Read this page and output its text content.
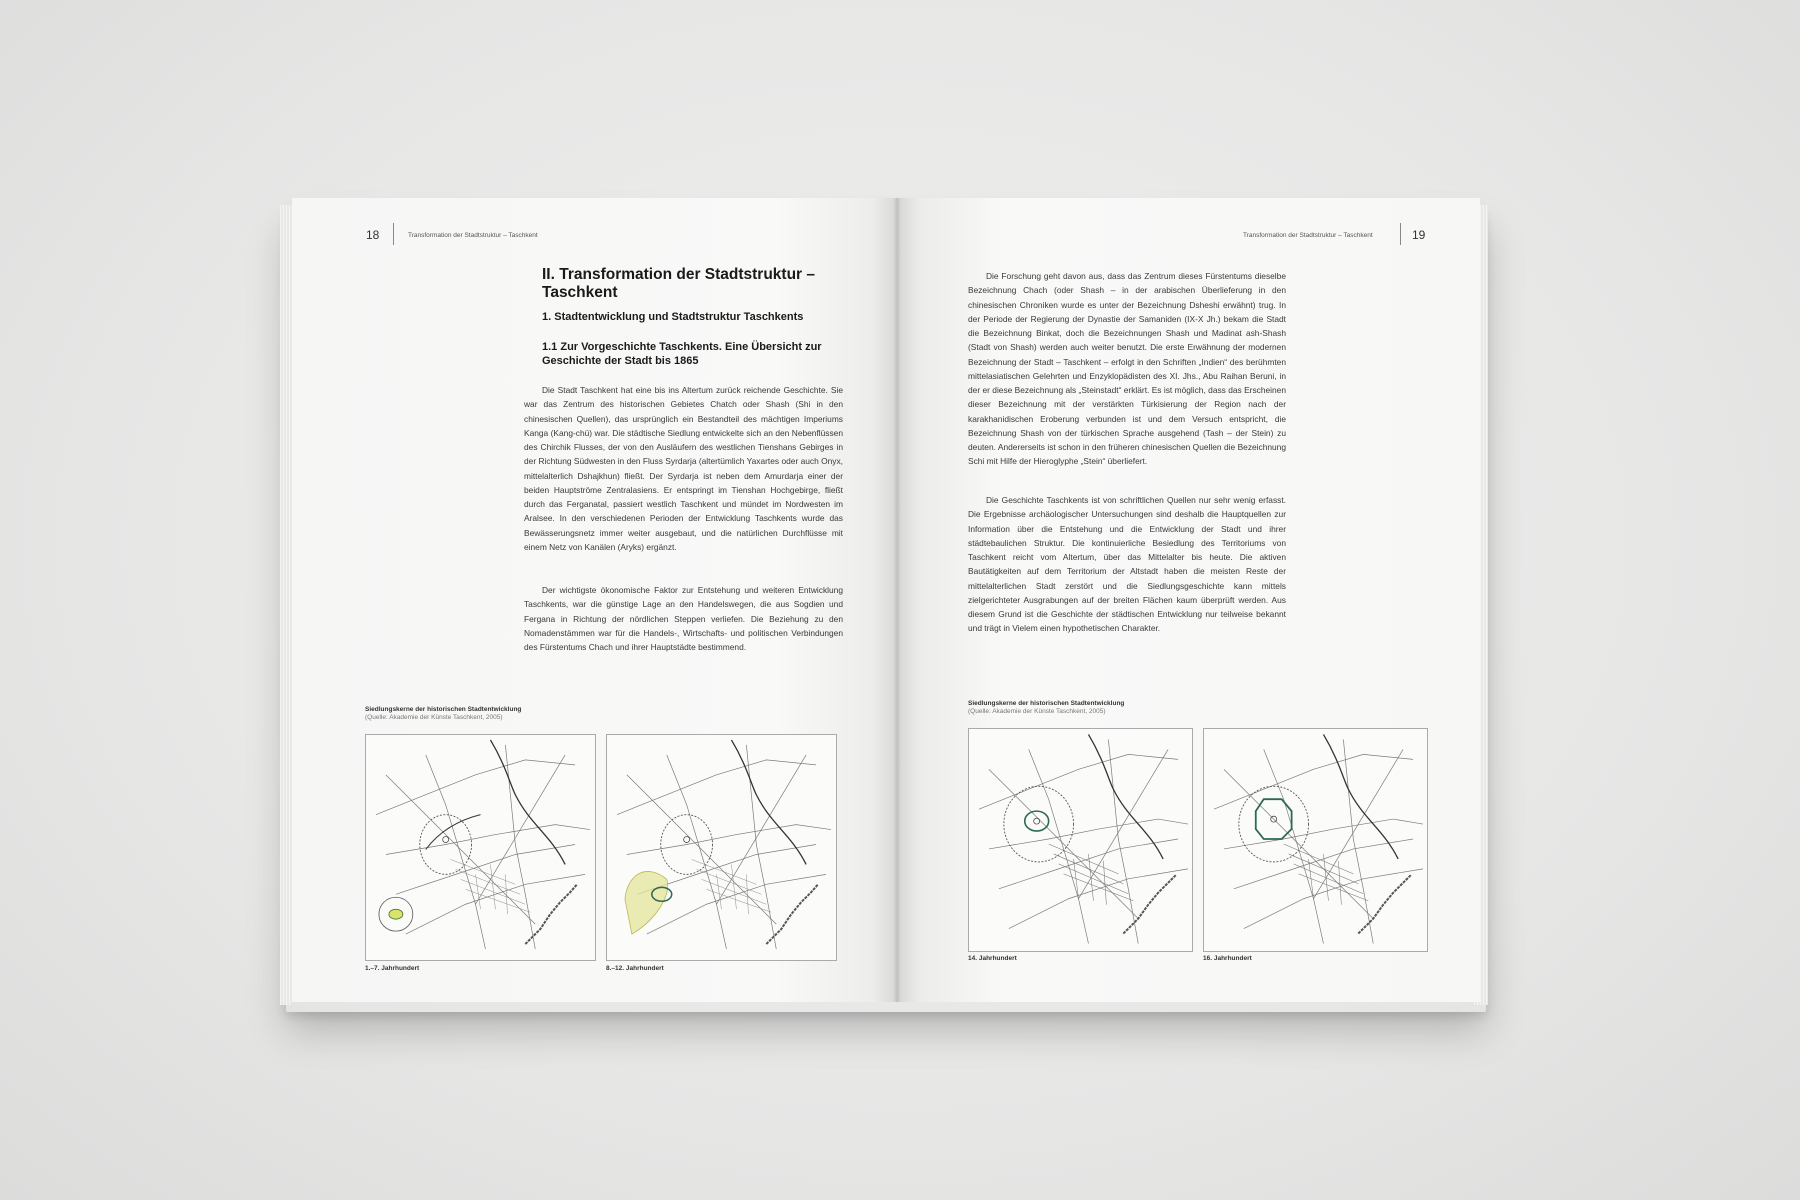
18	Transformation der Stadtstruktur – Taschkent
II. Transformation der Stadtstruktur – Taschkent
1. Stadtentwicklung und Stadtstruktur Taschkents
1.1 Zur Vorgeschichte Taschkents. Eine Übersicht zur Geschichte der Stadt bis 1865
Die Stadt Taschkent hat eine bis ins Altertum zurück reichende Geschichte. Sie war das Zentrum des historischen Gebietes Chatch oder Shash (Shi in den chinesischen Quellen), das ursprünglich ein Bestandteil des mächtigen Imperiums Kanga (Kang-chü) war. Die städtische Siedlung entwickelte sich an den Nebenflüssen des Chirchik Flusses, der von den Ausläufern des westlichen Tienshans Gebirges in der Richtung Südwesten in den Fluss Syrdarja (altertümlich Yaxartes oder auch Onyx, mittelalterlich Dshajkhun) fließt. Der Syrdarja ist neben dem Amurdarja einer der beiden Hauptströme Zentralasiens. Er entspringt im Tienshan Hochgebirge, fließt durch das Ferganatal, passiert westlich Taschkent und mündet im Nordwesten im Aralsee. In den verschiedenen Perioden der Entwicklung Taschkents wurde das Bewässerungsnetz immer weiter ausgebaut, und die natürlichen Durchflüsse mit einem Netz von Kanälen (Aryks) ergänzt.
Der wichtigste ökonomische Faktor zur Entstehung und weiteren Entwicklung Taschkents, war die günstige Lage an den Handelswegen, die aus Sogdien und Fergana in Richtung der nördlichen Steppen verliefen. Die Beziehung zu den Nomadenstämmen war für die Handels-, Wirtschafts- und politischen Verbindungen des Fürstentums Chach und ihrer Hauptstädte bestimmend.
Siedlungskerne der historischen Stadtentwicklung
(Quelle: Akademie der Künste Taschkent, 2005)
1.–7. Jahrhundert	8.–12. Jahrhundert
Transformation der Stadtstruktur – Taschkent	19
Die Forschung geht davon aus, dass das Zentrum dieses Fürstentums dieselbe Bezeichnung Chach (oder Shash – in der arabischen Überlieferung in den chinesischen Chroniken wurde es unter der Bezeichnung Dsheshi erwähnt) trug. In der Periode der Regierung der Dynastie der Samaniden (IX-X Jh.) bekam die Stadt die Bezeichnung Binkat, doch die Bezeichnungen Shash und Madinat ash-Shash (Stadt von Shash) werden auch weiter benutzt. Die erste Erwähnung der modernen Bezeichnung der Stadt – Taschkent – erfolgt in den Schriften „Indien“ des berühmten mittelasiatischen Gelehrten und Enzyklopädisten des XI. Jhs., Abu Raihan Beruni, in der er diese Bezeichnung als „Steinstadt“ erklärt. Es ist möglich, dass das Erscheinen dieser Bezeichnung mit der verstärkten Türkisierung der Region nach der karakhanidischen Eroberung verbunden ist und dem Versuch entspricht, die Bezeichnung Shash von der türkischen Sprache ausgehend (Tash – der Stein) zu deuten. Andererseits ist schon in den früheren chinesischen Quellen die Bezeichnung Schi mit Hilfe der Hieroglyphe „Stein“ überliefert.
Die Geschichte Taschkents ist von schriftlichen Quellen nur sehr wenig erfasst. Die Ergebnisse archäologischer Untersuchungen sind deshalb die Hauptquellen zur Information über die Entstehung und die Entwicklung der Stadt und ihrer städtebaulichen Struktur. Die kontinuierliche Besiedlung des Territoriums von Taschkent reicht vom Altertum, über das Mittelalter bis heute. Die aktiven Bautätigkeiten auf dem Territorium der Altstadt haben die meisten Reste der mittelalterlichen Stadt zerstört und die Siedlungsgeschichte kann mittels zielgerichteter Ausgrabungen auf der breiten Flächen kaum überprüft werden. Aus diesem Grund ist die Geschichte der städtischen Entwicklung nur teilweise bekannt und trägt in Vielem einen hypothetischen Charakter.
Siedlungskerne der historischen Stadtentwicklung
(Quelle: Akademie der Künste Taschkent, 2005)
14. Jahrhundert	16. Jahrhundert
